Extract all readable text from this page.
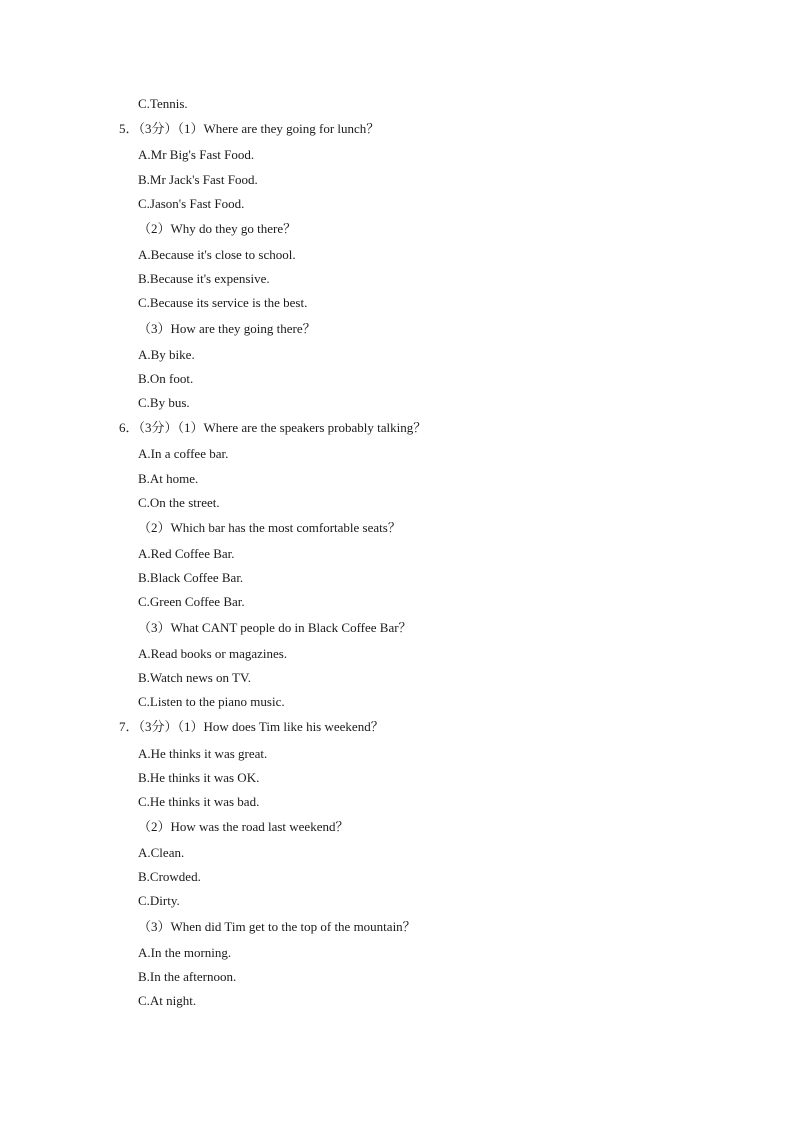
C.Tennis.
5．（3分）（1）Where are they going for lunch？
A.Mr Big's Fast Food.
B.Mr Jack's Fast Food.
C.Jason's Fast Food.
（2）Why do they go there？
A.Because it's close to school.
B.Because it's expensive.
C.Because its service is the best.
（3）How are they going there？
A.By bike.
B.On foot.
C.By bus.
6．（3分）（1）Where are the speakers probably talking？
A.In a coffee bar.
B.At home.
C.On the street.
（2）Which bar has the most comfortable seats？
A.Red Coffee Bar.
B.Black Coffee Bar.
C.Green Coffee Bar.
（3）What CANT people do in Black Coffee Bar？
A.Read books or magazines.
B.Watch news on TV.
C.Listen to the piano music.
7．（3分）（1）How does Tim like his weekend？
A.He thinks it was great.
B.He thinks it was OK.
C.He thinks it was bad.
（2）How was the road last weekend？
A.Clean.
B.Crowded.
C.Dirty.
（3）When did Tim get to the top of the mountain？
A.In the morning.
B.In the afternoon.
C.At night.
